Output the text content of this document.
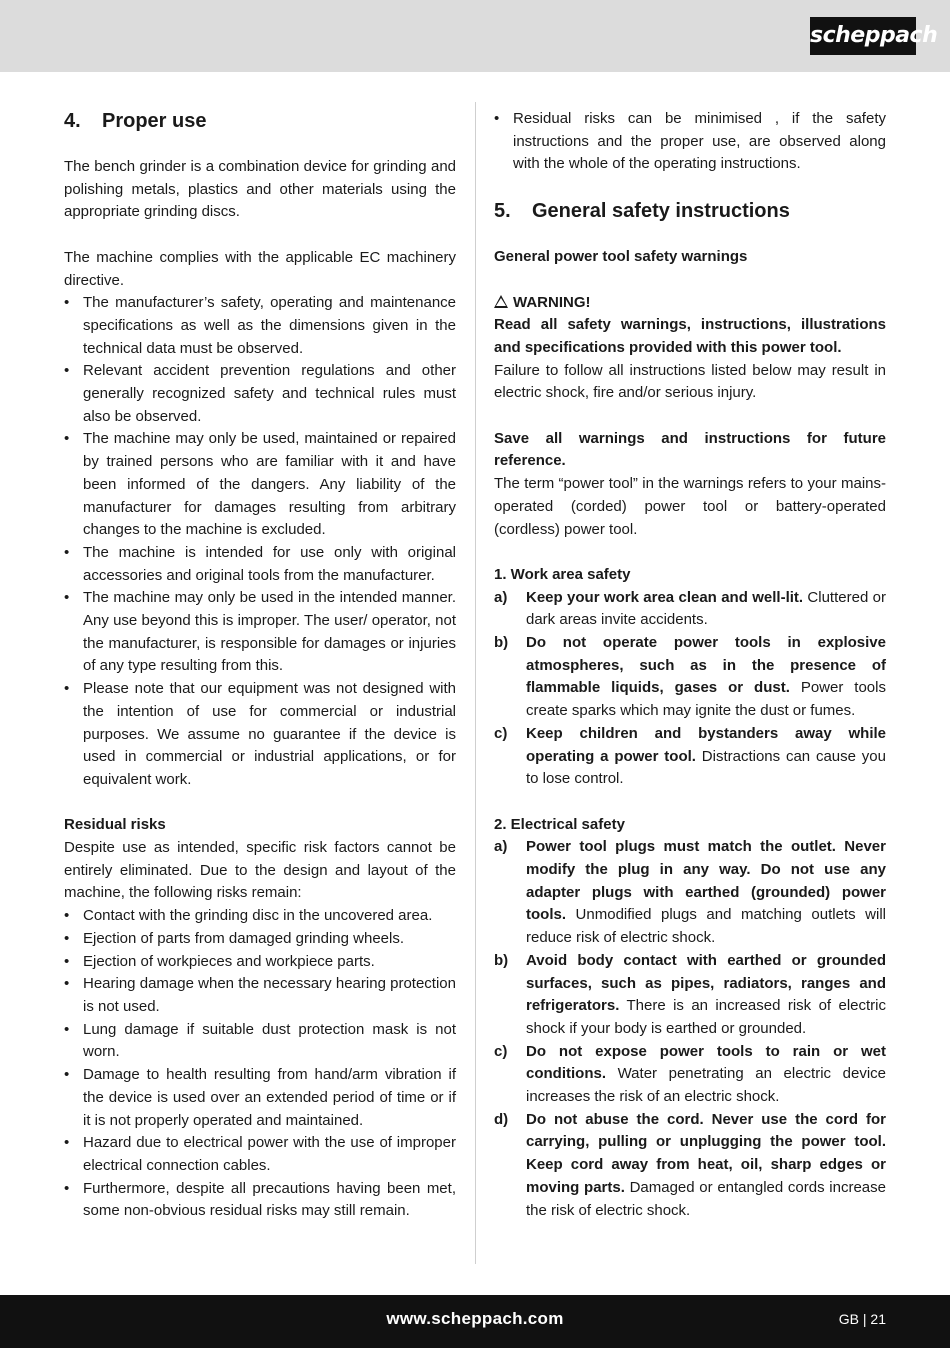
scheppach
4. Proper use

The bench grinder is a combination device for grinding and polishing metals, plastics and other materials using the appropriate grinding discs.

The machine complies with the applicable EC machinery directive.

• The manufacturer’s safety, operating and maintenance specifications as well as the dimensions given in the technical data must be observed.
• Relevant accident prevention regulations and other generally recognized safety and technical rules must also be observed.
• The machine may only be used, maintained or repaired by trained persons who are familiar with it and have been informed of the dangers. Any liability of the manufacturer for damages resulting from arbitrary changes to the machine is excluded.
• The machine is intended for use only with original accessories and original tools from the manufacturer.
• The machine may only be used in the intended manner. Any use beyond this is improper. The user/ operator, not the manufacturer, is responsible for damages or injuries of any type resulting from this.
• Please note that our equipment was not designed with the intention of use for commercial or industrial purposes. We assume no guarantee if the device is used in commercial or industrial applications, or for equivalent work.

Residual risks

Despite use as intended, specific risk factors cannot be entirely eliminated. Due to the design and layout of the machine, the following risks remain:

• Contact with the grinding disc in the uncovered area.
• Ejection of parts from damaged grinding wheels.
• Ejection of workpieces and workpiece parts.
• Hearing damage when the necessary hearing protection is not used.
• Lung damage if suitable dust protection mask is not worn.
• Damage to health resulting from hand/arm vibration if the device is used over an extended period of time or if it is not properly operated and maintained.
• Hazard due to electrical power with the use of improper electrical connection cables.
• Furthermore, despite all precautions having been met, some non-obvious residual risks may still remain.
• Residual risks can be minimised , if the safety instructions and the proper use, are observed along with the whole of the operating instructions.
5. General safety instructions

General power tool safety warnings

WARNING!

Read all safety warnings, instructions, illustrations and specifications provided with this power tool.

Failure to follow all instructions listed below may result in electric shock, fire and/or serious injury.

Save all warnings and instructions for future reference.

The term “power tool” in the warnings refers to your mains-operated (corded) power tool or battery-operated (cordless) power tool.

1. Work area safety

a) Keep your work area clean and well-lit. Cluttered or dark areas invite accidents.
b) Do not operate power tools in explosive atmospheres, such as in the presence of flammable liquids, gases or dust. Power tools create sparks which may ignite the dust or fumes.
c) Keep children and bystanders away while operating a power tool. Distractions can cause you to lose control.

2. Electrical safety

a) Power tool plugs must match the outlet. Never modify the plug in any way. Do not use any adapter plugs with earthed (grounded) power tools. Unmodified plugs and matching outlets will reduce risk of electric shock.
b) Avoid body contact with earthed or grounded surfaces, such as pipes, radiators, ranges and refrigerators. There is an increased risk of electric shock if your body is earthed or grounded.
c) Do not expose power tools to rain or wet conditions. Water penetrating an electric device increases the risk of an electric shock.
d) Do not abuse the cord. Never use the cord for carrying, pulling or unplugging the power tool. Keep cord away from heat, oil, sharp edges or moving parts. Damaged or entangled cords increase the risk of electric shock.
www.scheppach.com	GB | 21
